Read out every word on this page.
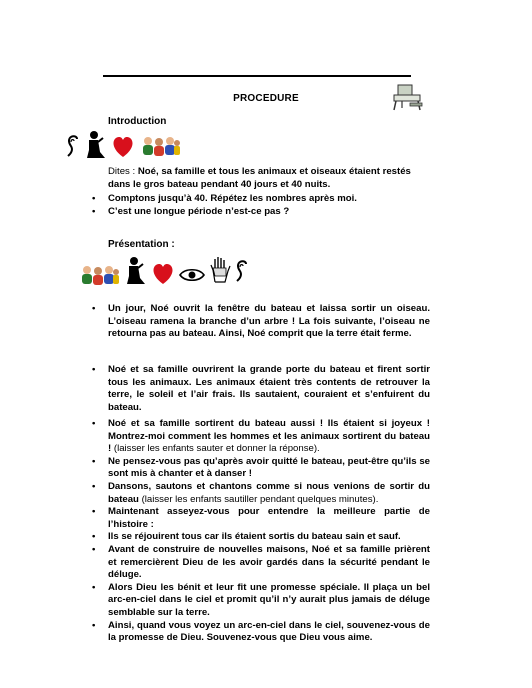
PROCEDURE
Introduction
Dites : Noé, sa famille et tous les animaux et oiseaux étaient restés dans le gros bateau pendant 40 jours et 40 nuits.
• Comptons jusqu’à 40. Répétez les nombres après moi.
• C’est une longue période n’est-ce pas ?
Présentation :
• Un jour, Noé ouvrit la fenêtre du bateau et laissa sortir un oiseau. L’oiseau ramena la branche d’un arbre ! La fois suivante, l’oiseau ne retourna pas au bateau. Ainsi, Noé comprit que la terre était ferme.
• Noé et sa famille ouvrirent la grande porte du bateau et firent sortir tous les animaux. Les animaux étaient très contents de retrouver la terre, le soleil et l’air frais. Ils sautaient, couraient et s’enfuirent du bateau.
• Noé et sa famille sortirent du bateau aussi ! Ils étaient si joyeux ! Montrez-moi comment les hommes et les animaux sortirent du bateau ! (laisser les enfants sauter et donner la réponse).
• Ne pensez-vous pas qu’après avoir quitté le bateau, peut-être qu’ils se sont mis à chanter et à danser !
• Dansons, sautons et chantons comme si nous venions de sortir du bateau (laisser les enfants sautiller pendant quelques minutes).
• Maintenant asseyez-vous pour entendre la meilleure partie de l’histoire :
• Ils se réjouirent tous car ils étaient sortis du bateau sain et sauf.
• Avant de construire de nouvelles maisons, Noé et sa famille prièrent et remercièrent Dieu de les avoir gardés dans la sécurité pendant le déluge.
• Alors Dieu les bénit et leur fit une promesse spéciale. Il plaça un bel arc-en-ciel dans le ciel et promit qu’il n’y aurait plus jamais de déluge semblable sur la terre.
• Ainsi, quand vous voyez un arc-en-ciel dans le ciel, souvenez-vous de la promesse de Dieu. Souvenez-vous que Dieu vous aime.
